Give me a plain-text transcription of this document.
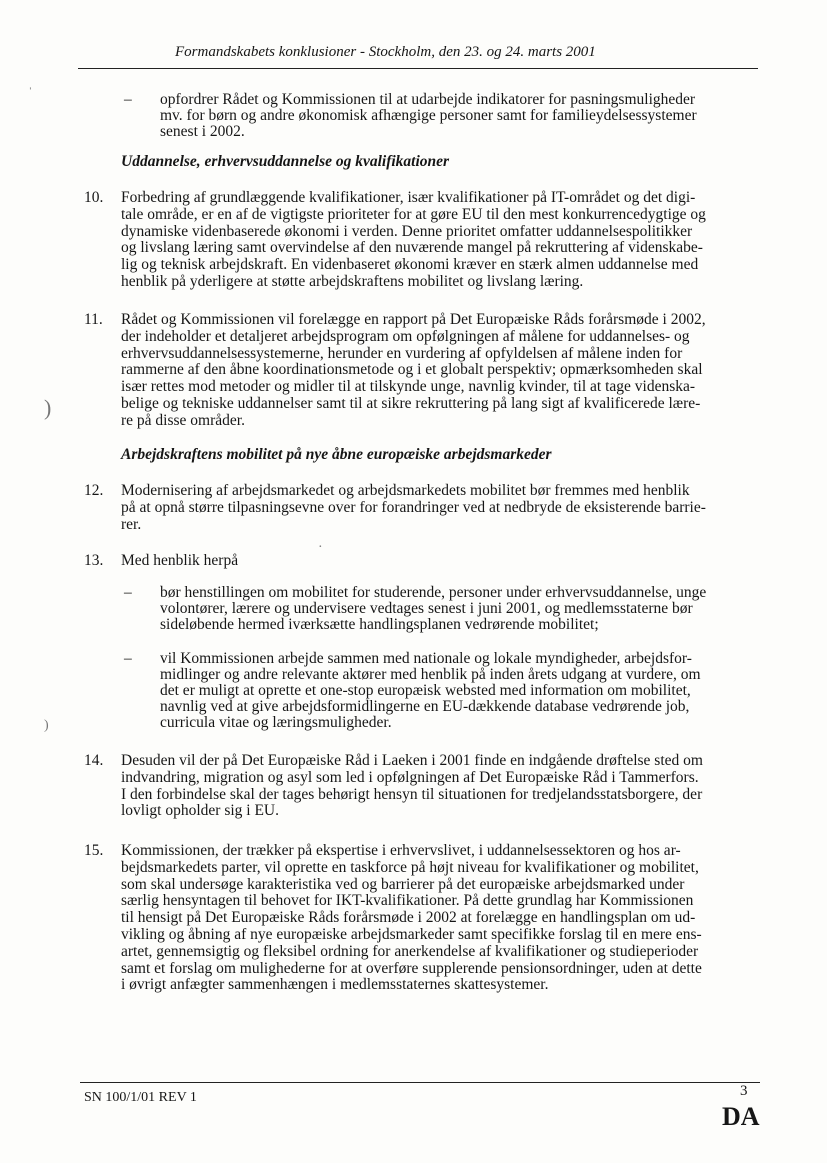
Formandskabets konklusioner - Stockholm, den 23. og 24. marts 2001
– opfordrer Rådet og Kommissionen til at udarbejde indikatorer for pasningsmuligheder
mv. for børn og andre økonomisk afhængige personer samt for familieydelsessystemer
senest i 2002.
Uddannelse, erhvervsuddannelse og kvalifikationer
10. Forbedring af grundlæggende kvalifikationer, især kvalifikationer på IT-området og det digi-
tale område, er en af de vigtigste prioriteter for at gøre EU til den mest konkurrencedygtige og
dynamiske videnbaserede økonomi i verden. Denne prioritet omfatter uddannelsespolitikker
og livslang læring samt overvindelse af den nuværende mangel på rekruttering af videnskabe-
lig og teknisk arbejdskraft. En videnbaseret økonomi kræver en stærk almen uddannelse med
henblik på yderligere at støtte arbejdskraftens mobilitet og livslang læring.
11. Rådet og Kommissionen vil forelægge en rapport på Det Europæiske Råds forårsmøde i 2002,
der indeholder et detaljeret arbejdsprogram om opfølgningen af målene for uddannelses- og
erhvervsuddannelsessystemerne, herunder en vurdering af opfyldelsen af målene inden for
rammerne af den åbne koordinationsmetode og i et globalt perspektiv; opmærksomheden skal
især rettes mod metoder og midler til at tilskynde unge, navnlig kvinder, til at tage videnska-
belige og tekniske uddannelser samt til at sikre rekruttering på lang sigt af kvalificerede lære-
re på disse områder.
Arbejdskraftens mobilitet på nye åbne europæiske arbejdsmarkeder
12. Modernisering af arbejdsmarkedet og arbejdsmarkedets mobilitet bør fremmes med henblik
på at opnå større tilpasningsevne over for forandringer ved at nedbryde de eksisterende barrie-
rer.
13. Med henblik herpå
– bør henstillingen om mobilitet for studerende, personer under erhvervsuddannelse, unge
volontører, lærere og undervisere vedtages senest i juni 2001, og medlemsstaterne bør
sideløbende hermed iværksætte handlingsplanen vedrørende mobilitet;
– vil Kommissionen arbejde sammen med nationale og lokale myndigheder, arbejdsfor-
midlinger og andre relevante aktører med henblik på inden årets udgang at vurdere, om
det er muligt at oprette et one-stop europæisk websted med information om mobilitet,
navnlig ved at give arbejdsformidlingerne en EU-dækkende database vedrørende job,
curricula vitae og læringsmuligheder.
14. Desuden vil der på Det Europæiske Råd i Laeken i 2001 finde en indgående drøftelse sted om
indvandring, migration og asyl som led i opfølgningen af Det Europæiske Råd i Tammerfors.
I den forbindelse skal der tages behørigt hensyn til situationen for tredjelandsstatsborgere, der
lovligt opholder sig i EU.
15. Kommissionen, der trækker på ekspertise i erhvervslivet, i uddannelsessektoren og hos ar-
bejdsmarkedets parter, vil oprette en taskforce på højt niveau for kvalifikationer og mobilitet,
som skal undersøge karakteristika ved og barrierer på det europæiske arbejdsmarked under
særlig hensyntagen til behovet for IKT-kvalifikationer. På dette grundlag har Kommissionen
til hensigt på Det Europæiske Råds forårsmøde i 2002 at forelægge en handlingsplan om ud-
vikling og åbning af nye europæiske arbejdsmarkeder samt specifikke forslag til en mere ens-
artet, gennemsigtig og fleksibel ordning for anerkendelse af kvalifikationer og studieperioder
samt et forslag om mulighederne for at overføre supplerende pensionsordninger, uden at dette
i øvrigt anfægter sammenhængen i medlemsstaternes skattesystemer.
ˈ
)
·
)
SN 100/1/01 REV 1	3
DA
